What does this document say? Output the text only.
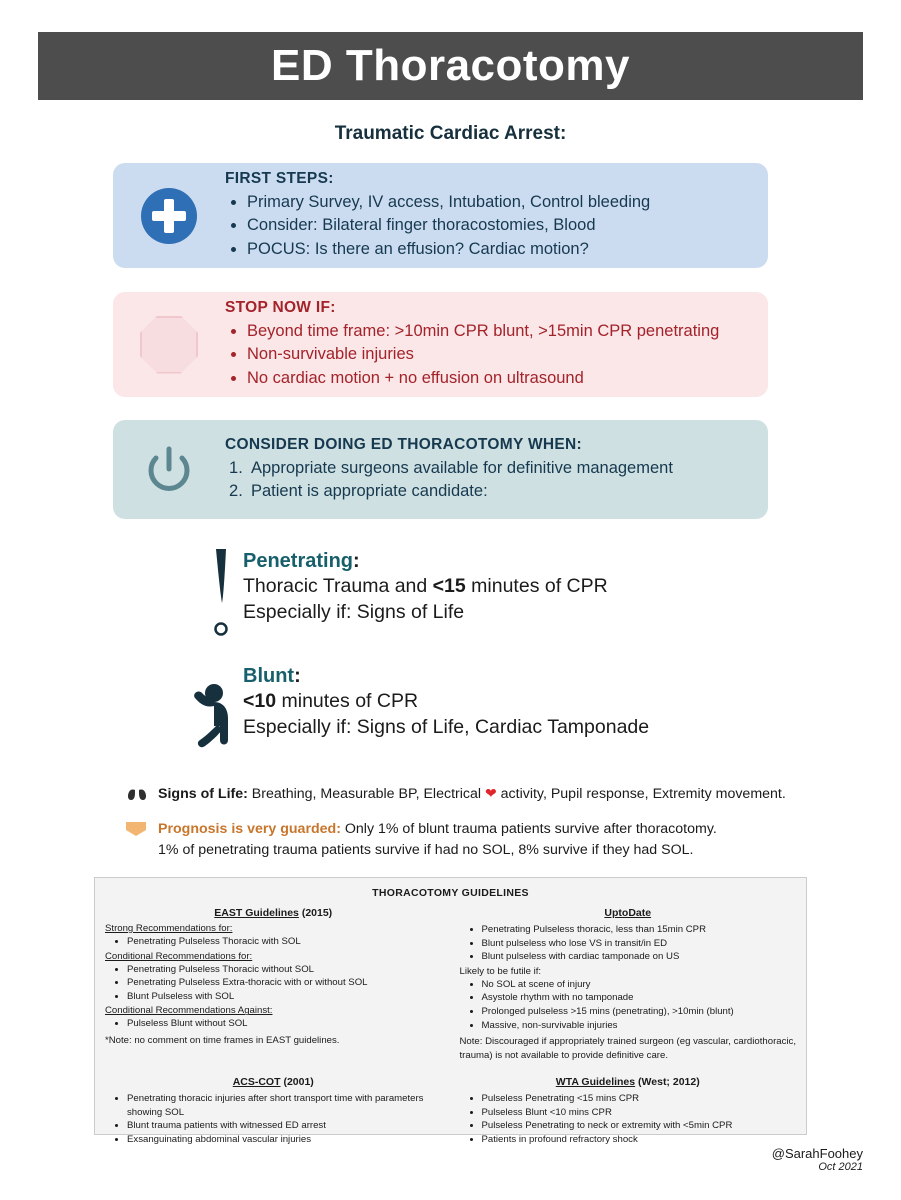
ED Thoracotomy
Traumatic Cardiac Arrest:
FIRST STEPS:
• Primary Survey, IV access, Intubation, Control bleeding
• Consider: Bilateral finger thoracostomies, Blood
• POCUS: Is there an effusion? Cardiac motion?
STOP NOW IF:
• Beyond time frame: >10min CPR blunt, >15min CPR penetrating
• Non-survivable injuries
• No cardiac motion + no effusion on ultrasound
CONSIDER DOING ED THORACOTOMY WHEN:
Appropriate surgeons available for definitive management
Patient is appropriate candidate:
Penetrating:
Thoracic Trauma and <15 minutes of CPR
Especially if: Signs of Life
Blunt:
<10 minutes of CPR
Especially if: Signs of Life, Cardiac Tamponade
Signs of Life: Breathing, Measurable BP, Electrical ❤ activity, Pupil response, Extremity movement.
Prognosis is very guarded: Only 1% of blunt trauma patients survive after thoracotomy.
1% of penetrating trauma patients survive if had no SOL, 8% survive if they had SOL.
THORACOTOMY GUIDELINES
EAST Guidelines (2015)
Strong Recommendations for:
• Penetrating Pulseless Thoracic with SOL
Conditional Recommendations for:
• Penetrating Pulseless Thoracic without SOL
• Penetrating Pulseless Extra-thoracic with or without SOL
• Blunt Pulseless with SOL
Conditional Recommendations Against:
• Pulseless Blunt without SOL
*Note: no comment on time frames in EAST guidelines.
UptoDate
• Penetrating Pulseless thoracic, less than 15min CPR
• Blunt pulseless who lose VS in transit/in ED
• Blunt pulseless with cardiac tamponade on US
Likely to be futile if:
• No SOL at scene of injury
• Asystole rhythm with no tamponade
• Prolonged pulseless >15 mins (penetrating), >10min (blunt)
• Massive, non-survivable injuries
Note: Discouraged if appropriately trained surgeon (eg vascular, cardiothoracic, trauma) is not available to provide definitive care.
ACS-COT (2001)
• Penetrating thoracic injuries after short transport time with parameters showing SOL
• Blunt trauma patients with witnessed ED arrest
• Exsanguinating abdominal vascular injuries
WTA Guidelines (West; 2012)
• Pulseless Penetrating <15 mins CPR
• Pulseless Blunt <10 mins CPR
• Pulseless Penetrating to neck or extremity with <5min CPR
• Patients in profound refractory shock
@SarahFoohey
Oct 2021
